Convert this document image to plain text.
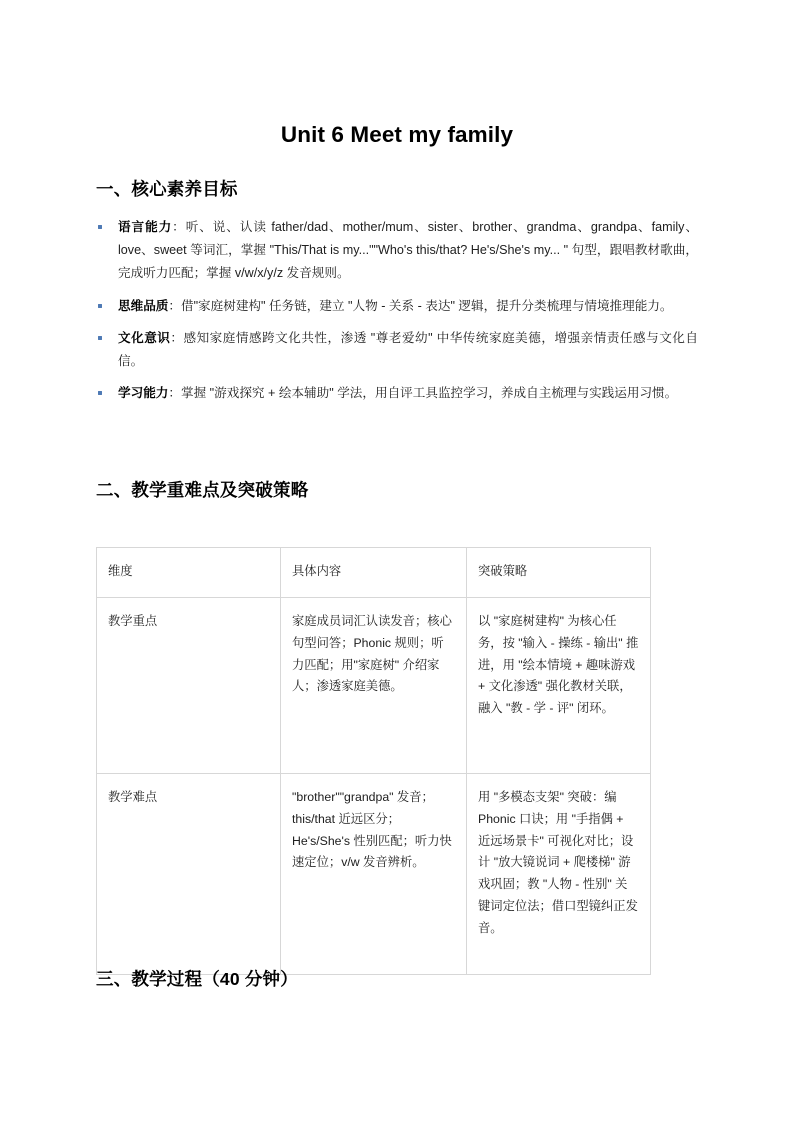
Unit 6 Meet my family
一、核心素养目标
语言能力：听、说、认读 father/dad、mother/mum、sister、brother、grandma、grandpa、family、love、sweet 等词汇，掌握 "This/That is my...""Who's this/that? He's/She's my... " 句型，跟唱教材歌曲，完成听力匹配；掌握 v/w/x/y/z 发音规则。
思维品质：借"家庭树建构" 任务链，建立 "人物 - 关系 - 表达" 逻辑，提升分类梳理与情境推理能力。
文化意识：感知家庭情感跨文化共性，渗透 "尊老爱幼" 中华传统家庭美德，增强亲情责任感与文化自信。
学习能力：掌握 "游戏探究 + 绘本辅助" 学法，用自评工具监控学习，养成自主梳理与实践运用习惯。
二、教学重难点及突破策略
维度	具体内容	突破策略
教学重点	家庭成员词汇认读发音；核心句型问答；Phonic 规则；听力匹配；用"家庭树" 介绍家人；渗透家庭美德。	以 "家庭树建构" 为核心任务，按 "输入 - 操练 - 输出" 推进，用 "绘本情境 + 趣味游戏 + 文化渗透" 强化教材关联，融入 "教 - 学 - 评" 闭环。
教学难点	"brother""grandpa" 发音；this/that 近远区分；He's/She's 性别匹配；听力快速定位；v/w 发音辨析。	用 "多模态支架" 突破：编 Phonic 口诀；用 "手指偶 + 近远场景卡" 可视化对比；设计 "放大镜说词 + 爬楼梯" 游戏巩固；教 "人物 - 性别" 关键词定位法；借口型镜纠正发音。
三、教学过程（40 分钟）
